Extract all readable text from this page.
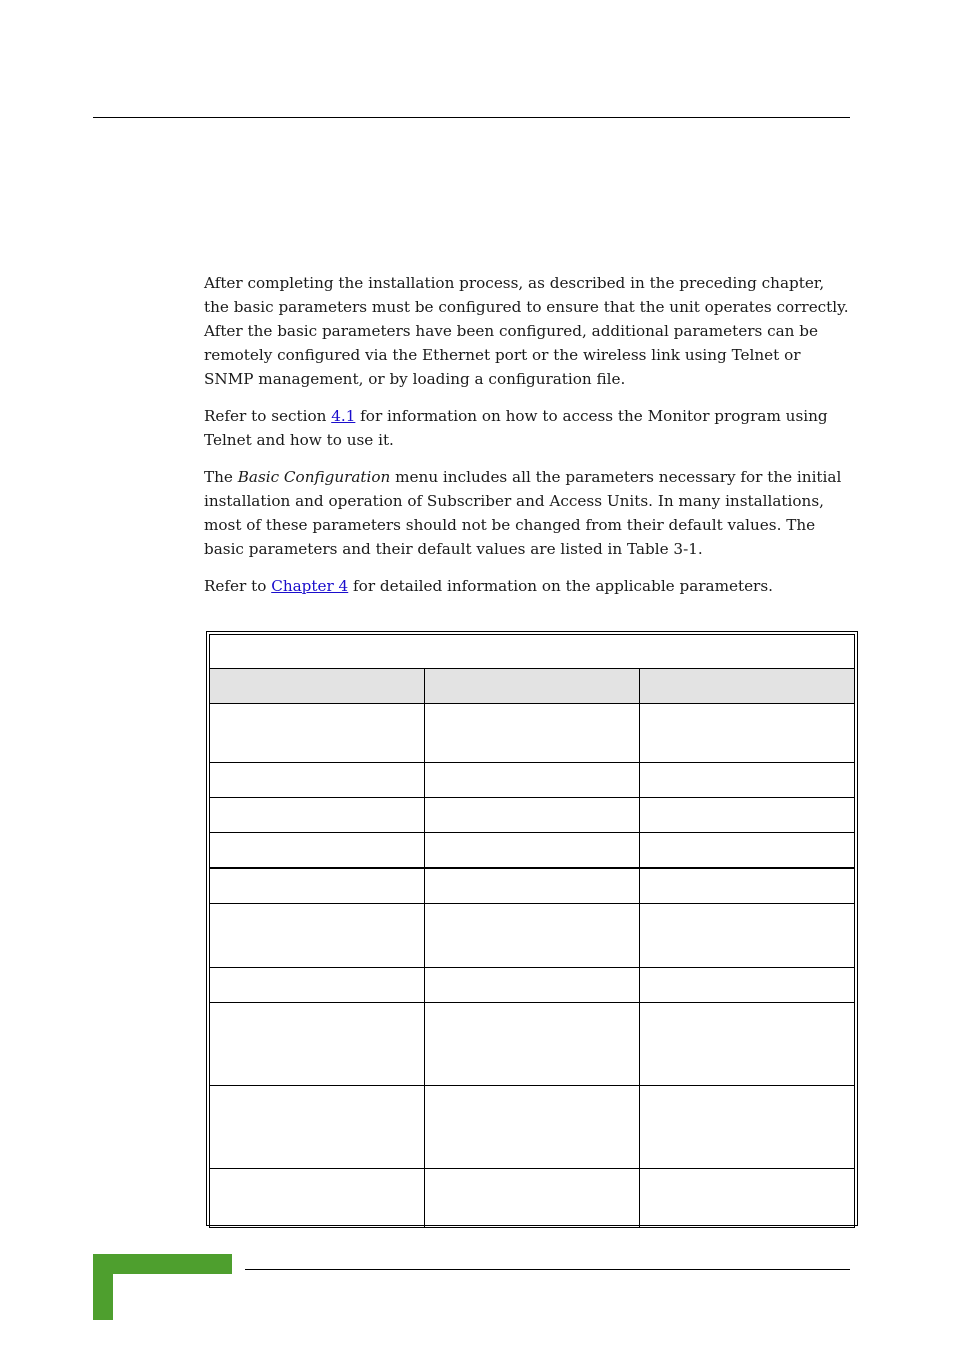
After completing the installation process, as described in the preceding chapter, the basic parameters must be configured to ensure that the unit operates correctly. After the basic parameters have been configured, additional parameters can be remotely configured via the Ethernet port or the wireless link using Telnet or SNMP management, or by loading a configuration file.

Refer to section 4.1 for information on how to access the Monitor program using Telnet and how to use it.

The Basic Configuration menu includes all the parameters necessary for the initial installation and operation of Subscriber and Access Units. In many installations, most of these parameters should not be changed from their default values. The basic parameters and their default values are listed in Table 3-1.

Refer to Chapter 4 for detailed information on the applicable parameters.
